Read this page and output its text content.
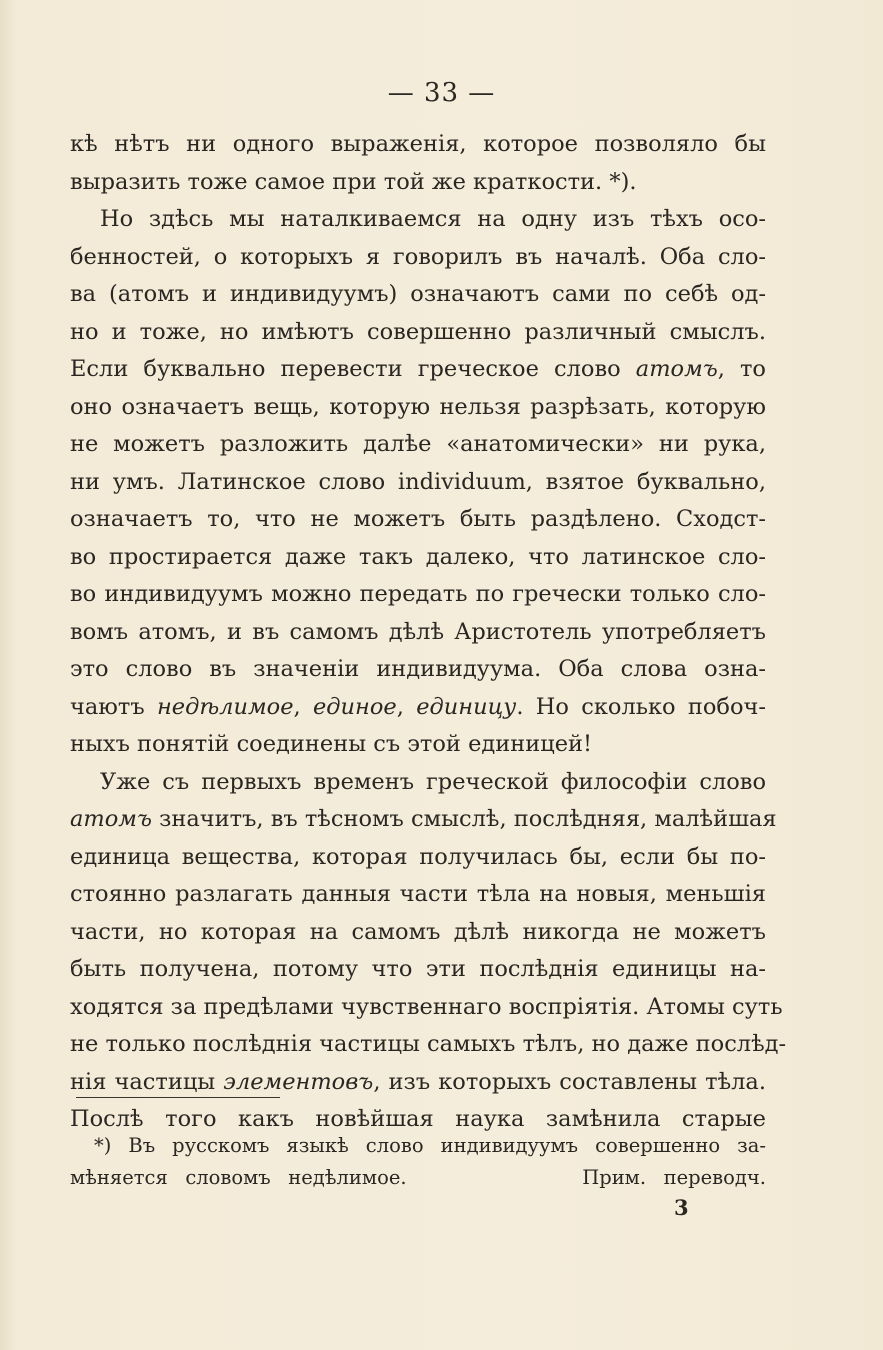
— 33 —
кѣ нѣтъ ни одного выраженія, которое позволяло бы
выразить тоже самое при той же краткости. *).
Но здѣсь мы наталкиваемся на одну изъ тѣхъ осо-
бенностей, о которыхъ я говорилъ въ началѣ. Оба сло-
ва (атомъ и индивидуумъ) означаютъ сами по себѣ од-
но и тоже, но имѣютъ совершенно различный смыслъ.
Если буквально перевести греческое слово атомъ, то
оно означаетъ вещь, которую нельзя разрѣзать, которую
не можетъ разложить далѣе «анатомически» ни рука,
ни умъ. Латинское слово individuum, взятое буквально,
означаетъ то, что не можетъ быть раздѣлено. Сходст-
во простирается даже такъ далеко, что латинское сло-
во индивидуумъ можно передать по гречески только сло-
вомъ атомъ, и въ самомъ дѣлѣ Аристотель употребляетъ
это слово въ значеніи индивидуума. Оба слова озна-
чаютъ недѣлимое, единое, единицу. Но сколько побоч-
ныхъ понятій соединены съ этой единицей!
Уже съ первыхъ временъ греческой философіи слово
атомъ значитъ, въ тѣсномъ смыслѣ, послѣдняя, малѣйшая
единица вещества, которая получилась бы, если бы по-
стоянно разлагать данныя части тѣла на новыя, меньшія
части, но которая на самомъ дѣлѣ никогда не можетъ
быть получена, потому что эти послѣднія единицы на-
ходятся за предѣлами чувственнаго воспріятія. Атомы суть
не только послѣднія частицы самыхъ тѣлъ, но даже послѣд-
нія частицы элементовъ, изъ которыхъ составлены тѣла.
Послѣ того какъ новѣйшая наука замѣнила старые
*) Въ русскомъ языкѣ слово индивидуумъ совершенно за-
мѣняется словомъ недѣлимое.          Прим. переводч.
3
